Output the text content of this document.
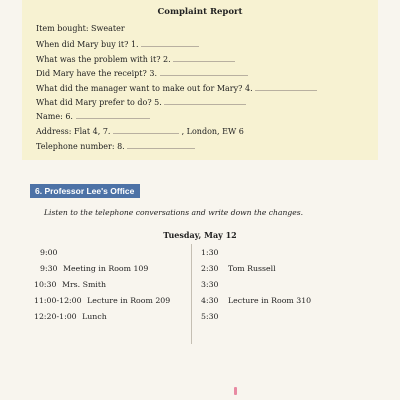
Complaint Report
Item bought: Sweater
When did Mary buy it? 1.
What was the problem with it? 2.
Did Mary have the receipt? 3.
What did the manager want to make out for Mary? 4.
What did Mary prefer to do? 5.
Name: 6.
Address: Flat 4, 7.	, London, EW 6
Telephone number: 8.
6. Professor Lee's Office
Listen to the telephone conversations and write down the changes.
Tuesday, May 12
9:00
9:30 Meeting in Room 109
10:30 Mrs. Smith
11:00-12:00 Lecture in Room 209
12:20-1:00 Lunch
1:30
2:30 Tom Russell
3:30
4:30 Lecture in Room 310
5:30
